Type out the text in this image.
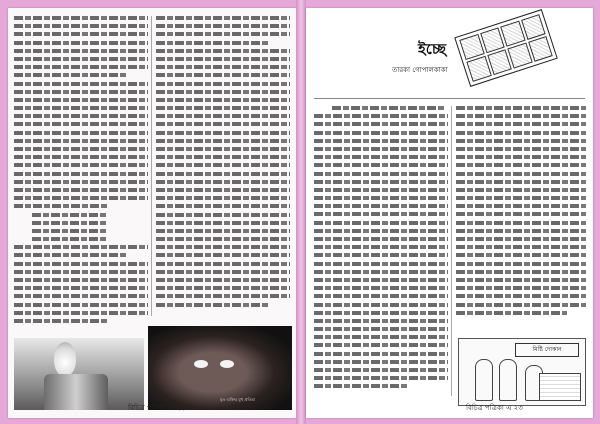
মৃত ব্যক্তির মুখ প্রতিমা
বিচিত্র পত্রিকা এ ২২
ইচ্ছে
তারকা গোপালকাকা
মিষ্টি দোকান
বিচিত্র পত্রিকা এ ২৩
